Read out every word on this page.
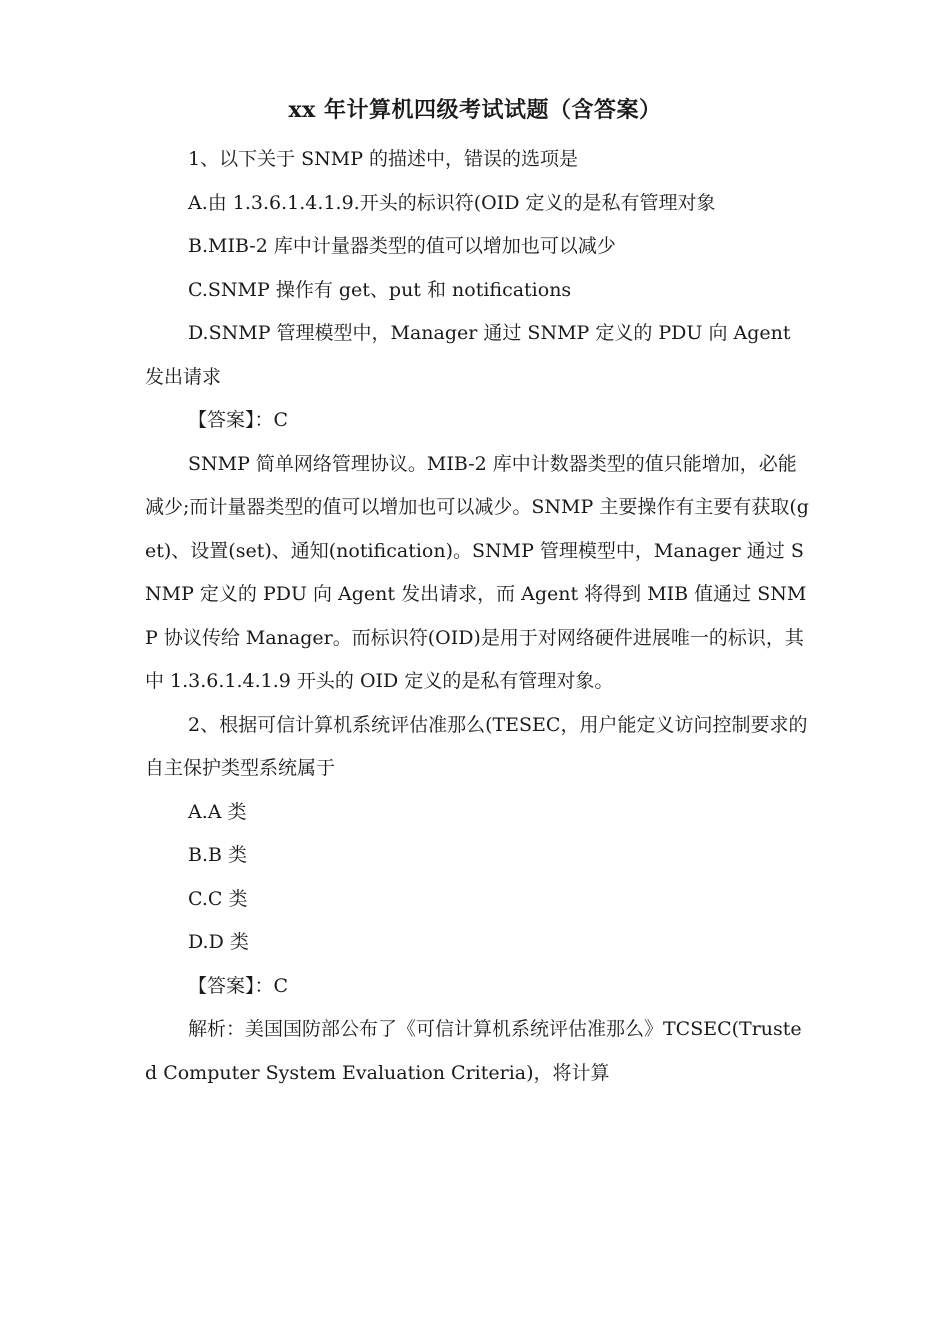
xx 年计算机四级考试试题（含答案）

1、以下关于 SNMP 的描述中，错误的选项是

A.由 1.3.6.1.4.1.9.开头的标识符(OID 定义的是私有管理对象

B.MIB-2 库中计量器类型的值可以增加也可以减少

C.SNMP 操作有 get、put 和 notifications

D.SNMP 管理模型中，Manager 通过 SNMP 定义的 PDU 向 Agent 发出请求

【答案】：C

SNMP 简单网络管理协议。MIB-2 库中计数器类型的值只能增加，必能减少;而计量器类型的值可以增加也可以减少。SNMP 主要操作有主要有获取(get)、设置(set)、通知(notification)。SNMP 管理模型中，Manager 通过 SNMP 定义的 PDU 向 Agent 发出请求，而 Agent 将得到 MIB 值通过 SNMP 协议传给 Manager。而标识符(OID)是用于对网络硬件进展唯一的标识，其中 1.3.6.1.4.1.9 开头的 OID 定义的是私有管理对象。

2、根据可信计算机系统评估准那么(TESEC，用户能定义访问控制要求的自主保护类型系统属于

A.A 类

B.B 类

C.C 类

D.D 类

【答案】：C

解析：美国国防部公布了《可信计算机系统评估准那么》TCSEC(Trusted Computer System Evaluation Criteria)，将计算
